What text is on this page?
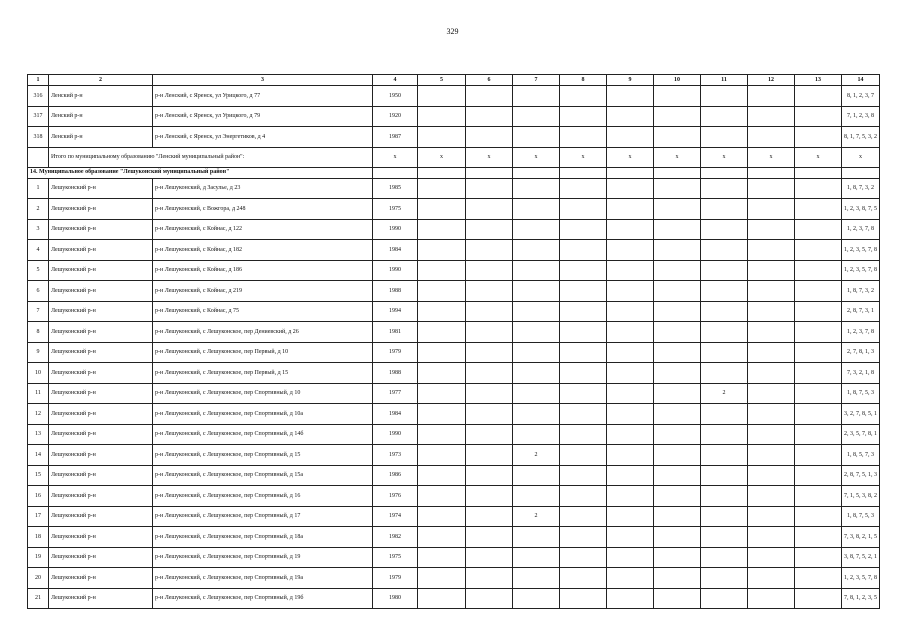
329
1	2	3	4	5	6	7	8	9	10	11	12	13	14
316	Ленский р-н	р-н Ленский, с Яренск, ул Урицкого, д 77	1950										8, 1, 2, 3, 7
317	Ленский р-н	р-н Ленский, с Яренск, ул Урицкого, д 79	1920										7, 1, 2, 3, 8
318	Ленский р-н	р-н Ленский, с Яренск, ул Энергетиков, д 4	1987										8, 1, 7, 5, 3, 2
	Итого по муниципальному образованию "Ленский муниципальный район":		х	х	х	х	х	х	х	х	х	х	х
14. Муниципальное образование "Лешуконский муниципальный район"													
1	Лешуконский р-н	р-н Лешуконский, д Засулье, д 23	1985										1, 8, 7, 3, 2
2	Лешуконский р-н	р-н Лешуконский, с Вожгора, д 248	1975										1, 2, 3, 8, 7, 5
3	Лешуконский р-н	р-н Лешуконский, с Койнас, д 122	1990										1, 2, 3, 7, 8
4	Лешуконский р-н	р-н Лешуконский, с Койнас, д 182	1984										1, 2, 3, 5, 7, 8
5	Лешуконский р-н	р-н Лешуконский, с Койнас, д 186	1990										1, 2, 3, 5, 7, 8
6	Лешуконский р-н	р-н Лешуконский, с Койнас, д 219	1988										1, 8, 7, 3, 2
7	Лешуконский р-н	р-н Лешуконский, с Койнас, д 75	1994										2, 8, 7, 3, 1
8	Лешуконский р-н	р-н Лешуконский, с Лешуконское, пер Дениевский, д 26	1981										1, 2, 3, 7, 8
9	Лешуконский р-н	р-н Лешуконский, с Лешуконское, пер Первый, д 10	1979										2, 7, 8, 1, 3
10	Лешуконский р-н	р-н Лешуконский, с Лешуконское, пер Первый, д 15	1988										7, 3, 2, 1, 8
11	Лешуконский р-н	р-н Лешуконский, с Лешуконское, пер Спортивный, д 10	1977							2			1, 8, 7, 5, 3
12	Лешуконский р-н	р-н Лешуконский, с Лешуконское, пер Спортивный, д 10а	1984										3, 2, 7, 8, 5, 1
13	Лешуконский р-н	р-н Лешуконский, с Лешуконское, пер Спортивный, д 14б	1990										2, 3, 5, 7, 8, 1
14	Лешуконский р-н	р-н Лешуконский, с Лешуконское, пер Спортивный, д 15	1973			2							1, 8, 5, 7, 3
15	Лешуконский р-н	р-н Лешуконский, с Лешуконское, пер Спортивный, д 15а	1986										2, 8, 7, 5, 1, 3
16	Лешуконский р-н	р-н Лешуконский, с Лешуконское, пер Спортивный, д 16	1976										7, 1, 5, 3, 8, 2
17	Лешуконский р-н	р-н Лешуконский, с Лешуконское, пер Спортивный, д 17	1974			2							1, 8, 7, 5, 3
18	Лешуконский р-н	р-н Лешуконский, с Лешуконское, пер Спортивный, д 18а	1982										7, 3, 8, 2, 1, 5
19	Лешуконский р-н	р-н Лешуконский, с Лешуконское, пер Спортивный, д 19	1975										3, 8, 7, 5, 2, 1
20	Лешуконский р-н	р-н Лешуконский, с Лешуконское, пер Спортивный, д 19а	1979										1, 2, 3, 5, 7, 8
21	Лешуконский р-н	р-н Лешуконский, с Лешуконское, пер Спортивный, д 19б	1980										7, 8, 1, 2, 3, 5
